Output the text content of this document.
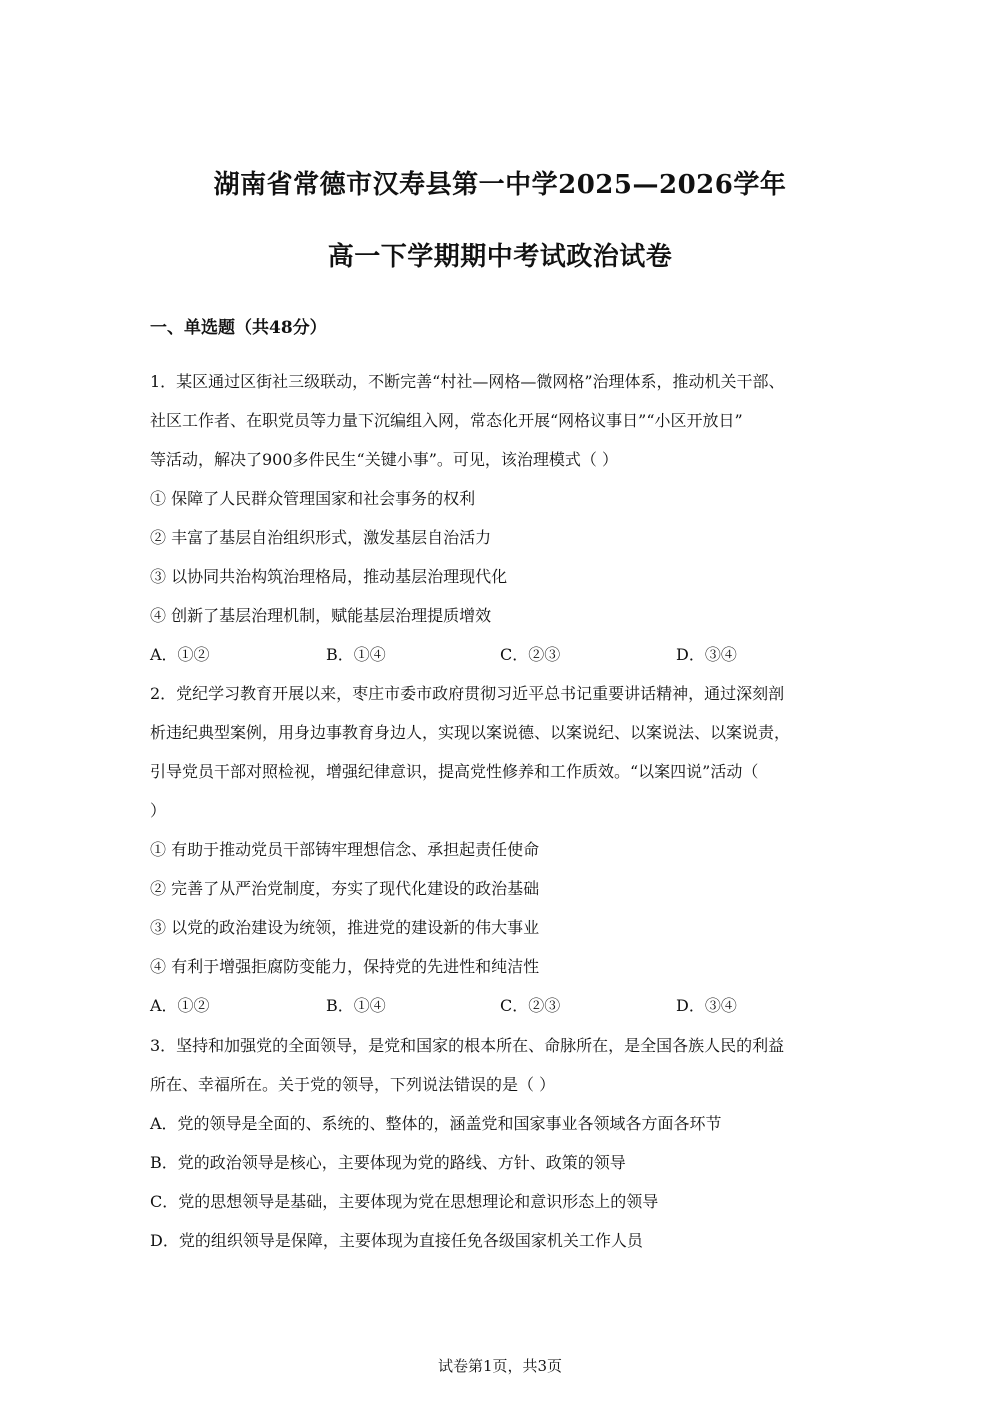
湖南省常德市汉寿县第一中学2025—2026学年
高一下学期期中考试政治试卷
一、单选题（共48分）
1．某区通过区街社三级联动，不断完善“村社—网格—微网格”治理体系，推动机关干部、
社区工作者、在职党员等力量下沉编组入网，常态化开展“网格议事日”“小区开放日”
等活动，解决了900多件民生“关键小事”。可见，该治理模式（ ）
① 保障了人民群众管理国家和社会事务的权利
② 丰富了基层自治组织形式，激发基层自治活力
③ 以协同共治构筑治理格局，推动基层治理现代化
④ 创新了基层治理机制，赋能基层治理提质增效
A．①②	B．①④	C．②③	D．③④
2．党纪学习教育开展以来，枣庄市委市政府贯彻习近平总书记重要讲话精神，通过深刻剖
析违纪典型案例，用身边事教育身边人，实现以案说德、以案说纪、以案说法、以案说责，
引导党员干部对照检视，增强纪律意识，提高党性修养和工作质效。“以案四说”活动（
）
① 有助于推动党员干部铸牢理想信念、承担起责任使命
② 完善了从严治党制度，夯实了现代化建设的政治基础
③ 以党的政治建设为统领，推进党的建设新的伟大事业
④ 有利于增强拒腐防变能力，保持党的先进性和纯洁性
A．①②	B．①④	C．②③	D．③④
3．坚持和加强党的全面领导，是党和国家的根本所在、命脉所在，是全国各族人民的利益
所在、幸福所在。关于党的领导，下列说法错误的是（ ）
A．党的领导是全面的、系统的、整体的，涵盖党和国家事业各领域各方面各环节
B．党的政治领导是核心，主要体现为党的路线、方针、政策的领导
C．党的思想领导是基础，主要体现为党在思想理论和意识形态上的领导
D．党的组织领导是保障，主要体现为直接任免各级国家机关工作人员
试卷第1页，共3页
